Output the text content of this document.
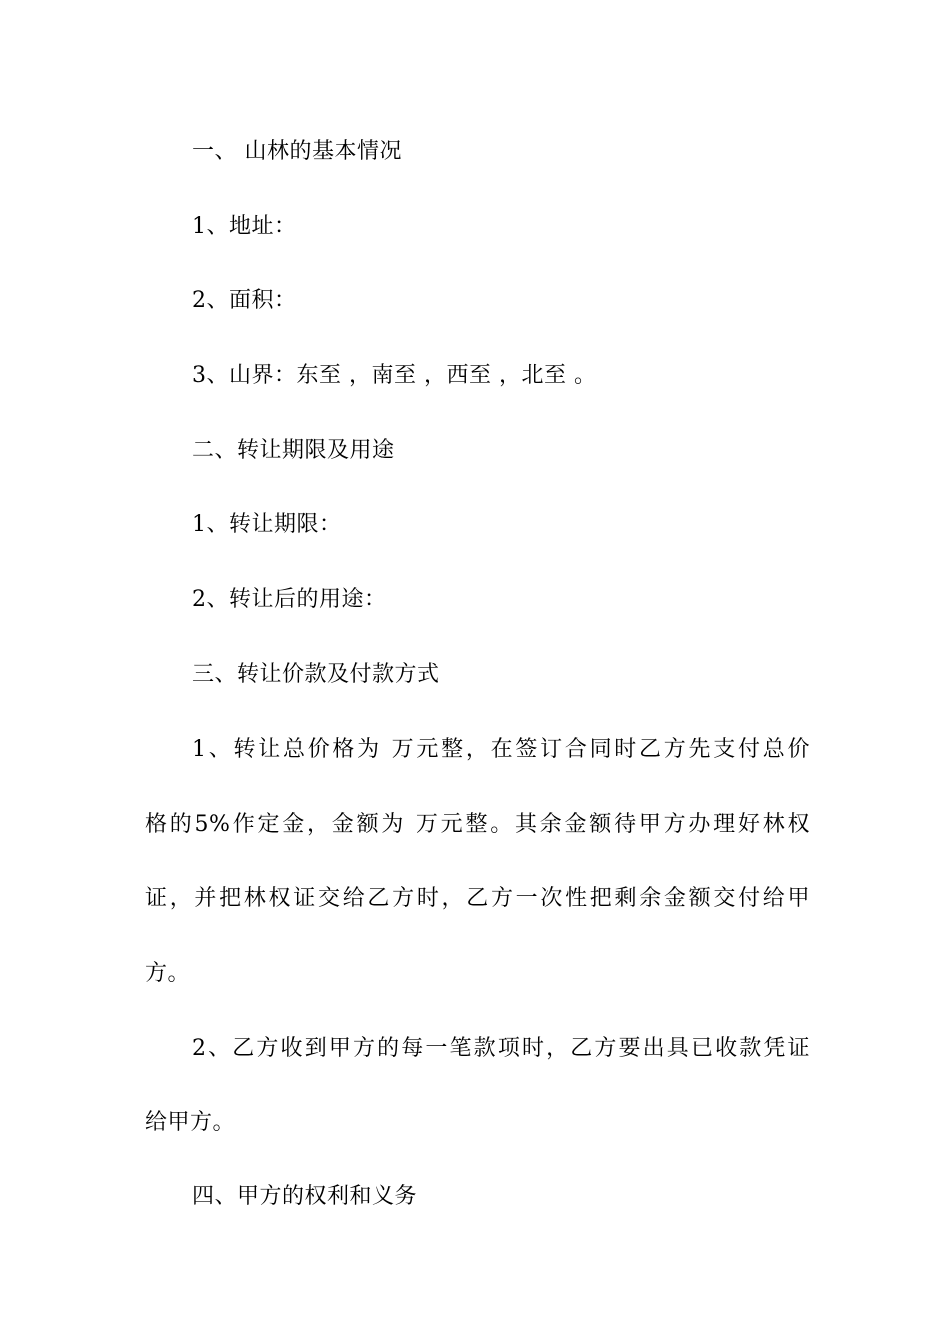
一、 山林的基本情况
1、地址：
2、面积：
3、山界：东至 ，南至 ，西至 ，北至 。
二、转让期限及用途
1、转让期限：
2、转让后的用途：
三、转让价款及付款方式
1、转让总价格为 万元整，在签订合同时乙方先支付总价
格的5%作定金，金额为 万元整。其余金额待甲方办理好林权
证，并把林权证交给乙方时，乙方一次性把剩余金额交付给甲
方。
2、乙方收到甲方的每一笔款项时，乙方要出具已收款凭证
给甲方。
四、甲方的权利和义务
